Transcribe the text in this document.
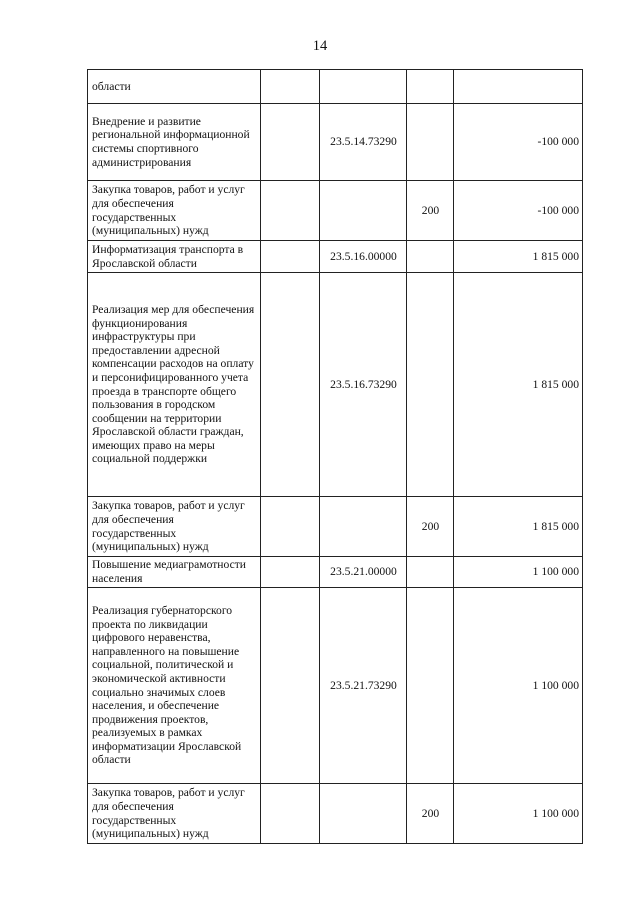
14
области				
Внедрение и развитие региональной информационной системы спортивного администрирования		23.5.14.73290		-100 000
Закупка товаров, работ и услуг для обеспечения государственных (муниципальных) нужд			200	-100 000
Информатизация транспорта в Ярославской области		23.5.16.00000		1 815 000
Реализация мер для обеспечения функционирования инфраструктуры при предоставлении адресной компенсации расходов на оплату и персонифицированного учета проезда в транспорте общего пользования в городском сообщении на территории Ярославской области граждан, имеющих право на меры социальной поддержки		23.5.16.73290		1 815 000
Закупка товаров, работ и услуг для обеспечения государственных (муниципальных) нужд			200	1 815 000
Повышение медиаграмотности населения		23.5.21.00000		1 100 000
Реализация губернаторского проекта по ликвидации цифрового неравенства, направленного на повышение социальной, политической и экономической активности социально значимых слоев населения, и обеспечение продвижения проектов, реализуемых в рамках информатизации Ярославской области		23.5.21.73290		1 100 000
Закупка товаров, работ и услуг для обеспечения государственных (муниципальных) нужд			200	1 100 000
